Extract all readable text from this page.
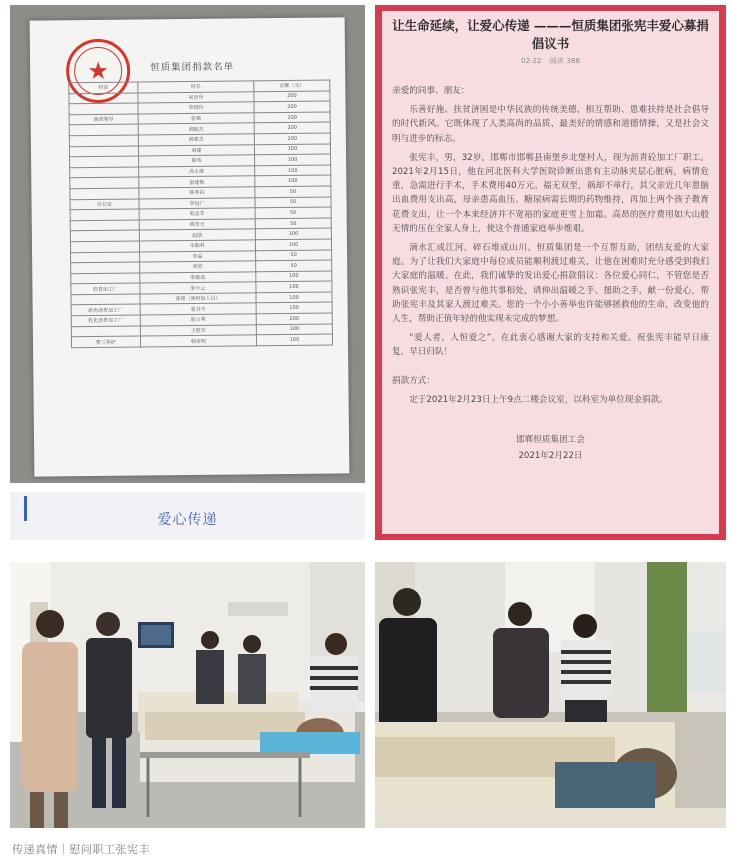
★	恒质集团捐款名单
科室	姓名	金额（元）
	吴济舟	200
	李晓玲	200
集团领导	张斌	200
	郝振杰	200
	郝蒙杰	200
	刘建	100
	薛伟	100
	高永康	100
	温建梅	100
	韩秀昌	50
办公室	李冠广	50
	赵孟芳	50
	姚雪天	50
	赵凯	100
	朱振科	100
	李晶	50
	刘宏	50
	李振波	100
沥青加工厂	李少云	100
	张锋（原料加入员）	100
新冉沥青加工厂	张书平	100
乳化沥青加工厂	赵合秀	200
	王胜军	100
曹兰养护	韩家明	100
爱心传递
让生命延续，让爱心传递 ———恒质集团张宪丰爱心募捐倡议书
02-22 阅读 388

亲爱的同事、朋友：

乐善好施、扶贫济困是中华民族的传统美德，相互帮助、患难扶持是社会倡导的时代新风。它既体现了人类高尚的品质、最美好的情感和道德情操，又是社会文明与进步的标志。

张宪丰，男，32岁，邯郸市邯郸县南堡乡北堡村人，现为沥青砼加工厂职工。2021年2月15日，他在河北医科大学医院诊断出患有主动脉夹层心脏病，病情危重，急需进行手术，手术费用40万元。福无双至，祸却不单行，其父亲近几年患脑出血费用支出高，母亲患高血压、糖尿病需长期的药物维持，再加上两个孩子教育花费支出，让一个本来经济并不宽裕的家庭更雪上加霜。高昂的医疗费用如大山般无情的压在全家人身上，使这个普通家庭举步维艰。

滴水汇成江河，碎石堆成山川。恒质集团是一个互帮互助，团结友爱的大家庭。为了让我们大家庭中每位成员能顺利渡过难关，让他在困难时充分感受到我们大家庭的温暖。在此，我们诚挚的发出爱心捐款倡议：各位爱心同仁，不管您是否熟识张宪丰，是否曾与他共事相处，请伸出温暖之手、援助之手，献一份爱心，帮助张宪丰及其家人渡过难关。您的一个小小善举也许能够拯救他的生命，改变他的人生，帮助正值年轻的他实现未完成的梦想。

“爱人者，人恒爱之”。在此衷心感谢大家的支持和关爱。祝张宪丰能早日康复，早日归队！

捐款方式：

定于2021年2月23日上午9点二楼会议室，以科室为单位现金捐款。

邯郸恒质集团工会

2021年2月22日

传递真情｜慰问职工张宪丰
